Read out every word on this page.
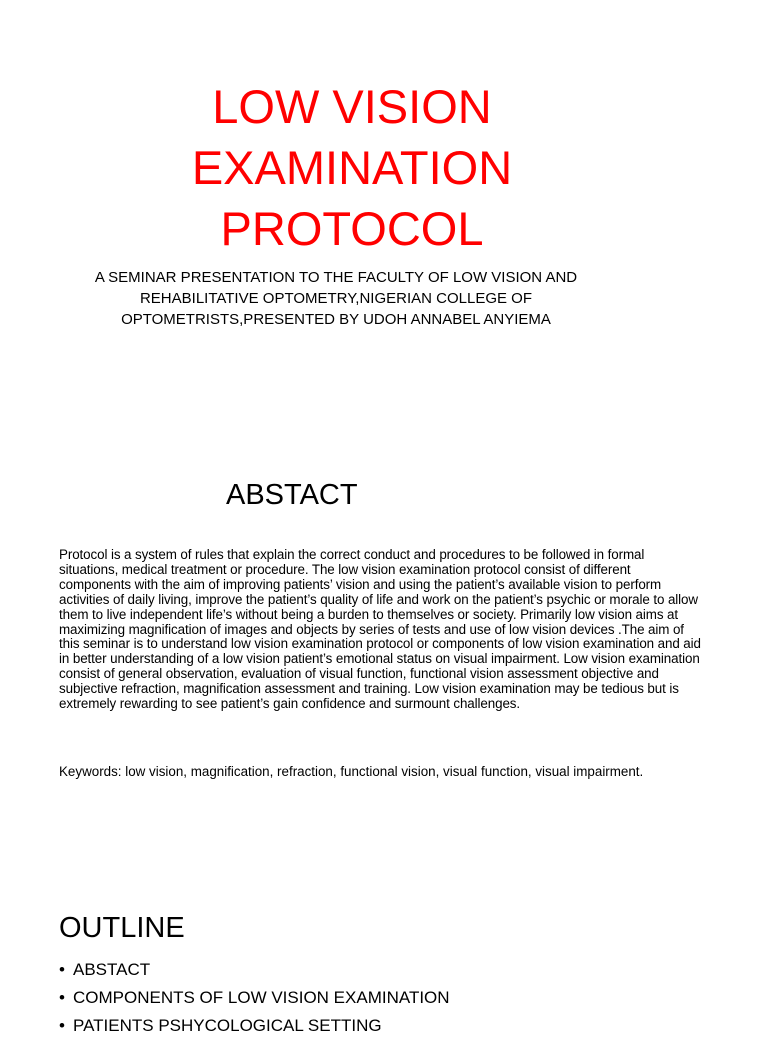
LOW VISION
EXAMINATION
PROTOCOL

A SEMINAR PRESENTATION TO THE FACULTY OF LOW VISION AND
REHABILITATIVE OPTOMETRY,NIGERIAN COLLEGE OF
OPTOMETRISTS,PRESENTED BY UDOH ANNABEL ANYIEMA

ABSTACT

Protocol is a system of rules that explain the correct conduct and procedures to be followed in formal situations, medical treatment or procedure. The low vision examination protocol consist of different components with the aim of improving patients’ vision and using the patient’s available vision to perform activities of daily living, improve the patient’s quality of life and work on the patient’s psychic or morale to allow them to live independent life’s without being a burden to themselves or society. Primarily low vision aims at maximizing magnification of images and objects by series of tests and use of low vision devices .The aim of this seminar is to understand low vision examination protocol or components of low vision examination and aid in better understanding of a low vision patient’s emotional status on visual impairment. Low vision examination consist of general observation, evaluation of visual function, functional vision assessment objective and subjective refraction, magnification assessment and training. Low vision examination may be tedious but is extremely rewarding to see patient’s gain confidence and surmount challenges.

Keywords: low vision, magnification, refraction, functional vision, visual function, visual impairment.

OUTLINE
• ABSTACT
• COMPONENTS OF LOW VISION EXAMINATION
• PATIENTS PSHYCOLOGICAL SETTING
